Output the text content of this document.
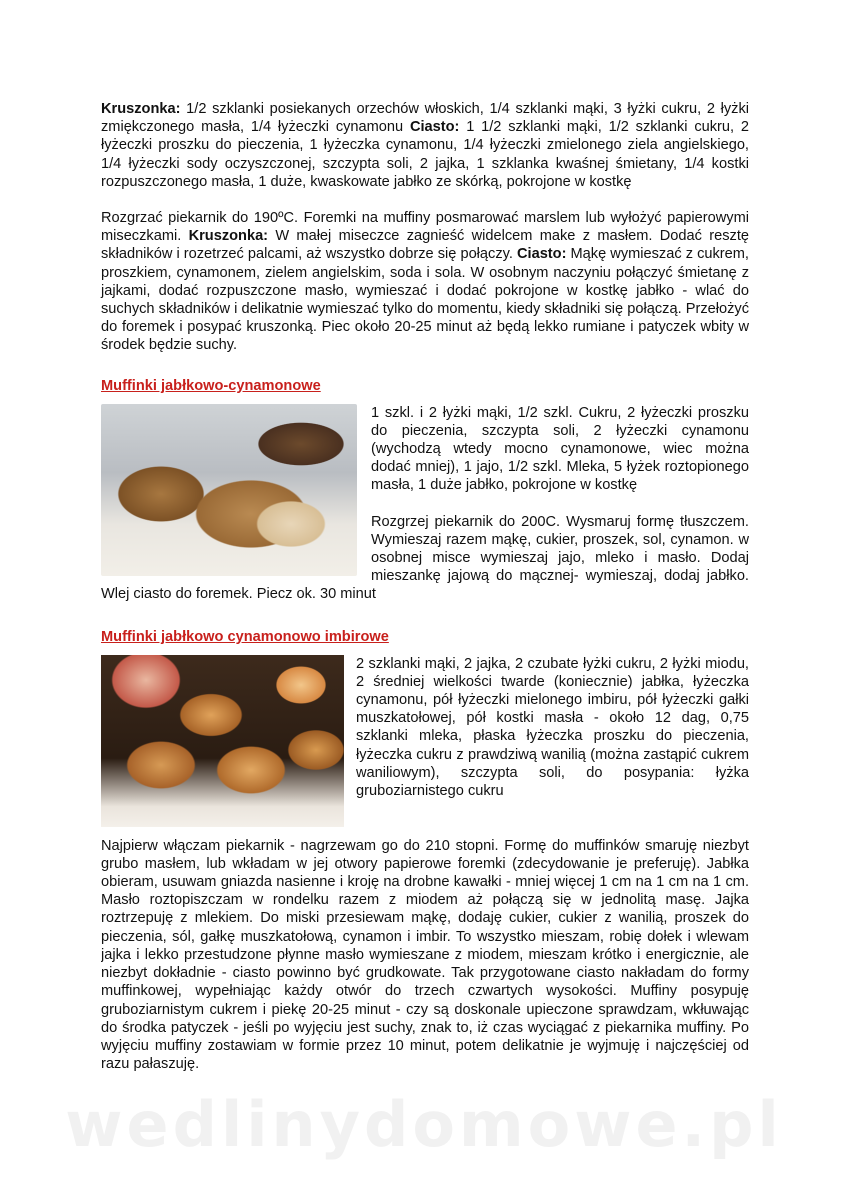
Kruszonka: 1/2 szklanki posiekanych orzechów włoskich, 1/4 szklanki mąki, 3 łyżki cukru, 2 łyżki zmiękczonego masła, 1/4 łyżeczki cynamonu Ciasto: 1 1/2 szklanki mąki, 1/2 szklanki cukru, 2 łyżeczki proszku do pieczenia, 1 łyżeczka cynamonu, 1/4 łyżeczki zmielonego ziela angielskiego, 1/4 łyżeczki sody oczyszczonej, szczypta soli, 2 jajka, 1 szklanka kwaśnej śmietany, 1/4 kostki rozpuszczonego masła, 1 duże, kwaskowate jabłko ze skórką, pokrojone w kostkę

Rozgrzać piekarnik do 190ºC. Foremki na muffiny posmarować marslem lub wyłożyć papierowymi miseczkami. Kruszonka: W małej miseczce zagnieść widelcem make z masłem. Dodać resztę składników i rozetrzeć palcami, aż wszystko dobrze się połączy. Ciasto: Mąkę wymieszać z cukrem, proszkiem, cynamonem, zielem angielskim, soda i sola. W osobnym naczyniu połączyć śmietanę z jajkami, dodać rozpuszczone masło, wymieszać i dodać pokrojone w kostkę jabłko - wlać do suchych składników i delikatnie wymieszać tylko do momentu, kiedy składniki się połączą. Przełożyć do foremek i posypać kruszonką. Piec około 20-25 minut aż będą lekko rumiane i patyczek wbity w środek będzie suchy.

Muffinki jabłkowo-cynamonowe

1 szkl. i 2 łyżki mąki, 1/2 szkl. Cukru, 2 łyżeczki proszku do pieczenia, szczypta soli, 2 łyżeczki cynamonu (wychodzą wtedy mocno cynamonowe, wiec można dodać mniej), 1 jajo, 1/2 szkl. Mleka, 5 łyżek roztopionego masła, 1 duże jabłko, pokrojone w kostkę

Rozgrzej piekarnik do 200C. Wysmaruj formę tłuszczem. Wymieszaj razem mąkę, cukier, proszek, sol, cynamon. w osobnej misce wymieszaj jajo, mleko i masło. Dodaj mieszankę jajową do mącznej- wymieszaj, dodaj jabłko. Wlej ciasto do foremek. Piecz ok. 30 minut

Muffinki jabłkowo cynamonowo imbirowe

2 szklanki mąki, 2 jajka, 2 czubate łyżki cukru, 2 łyżki miodu, 2 średniej wielkości twarde (koniecznie) jabłka, łyżeczka cynamonu, pół łyżeczki mielonego imbiru, pół łyżeczki gałki muszkatołowej, pół kostki masła - około 12 dag, 0,75 szklanki mleka, płaska łyżeczka proszku do pieczenia, łyżeczka cukru z prawdziwą wanilią (można zastąpić cukrem waniliowym), szczypta soli, do posypania: łyżka gruboziarnistego cukru

Najpierw włączam piekarnik - nagrzewam go do 210 stopni. Formę do muffinków smaruję niezbyt grubo masłem, lub wkładam w jej otwory papierowe foremki (zdecydowanie je preferuję). Jabłka obieram, usuwam gniazda nasienne i kroję na drobne kawałki - mniej więcej 1 cm na 1 cm na 1 cm. Masło roztopiszczam w rondelku razem z miodem aż połączą się w jednolitą masę. Jajka roztrzepuję z mlekiem. Do miski przesiewam mąkę, dodaję cukier, cukier z wanilią, proszek do pieczenia, sól, gałkę muszkatołową, cynamon i imbir. To wszystko mieszam, robię dołek i wlewam jajka i lekko przestudzone płynne masło wymieszane z miodem, mieszam krótko i energicznie, ale niezbyt dokładnie - ciasto powinno być grudkowate. Tak przygotowane ciasto nakładam do formy muffinkowej, wypełniając każdy otwór do trzech czwartych wysokości. Muffiny posypuję gruboziarnistym cukrem i piekę 20-25 minut - czy są doskonale upieczone sprawdzam, wkłuwając do środka patyczek - jeśli po wyjęciu jest suchy, znak to, iż czas wyciągać z piekarnika muffiny. Po wyjęciu muffiny zostawiam w formie przez 10 minut, potem delikatnie je wyjmuję i najczęściej od razu pałaszuję.

wedlinydomowe.pl
